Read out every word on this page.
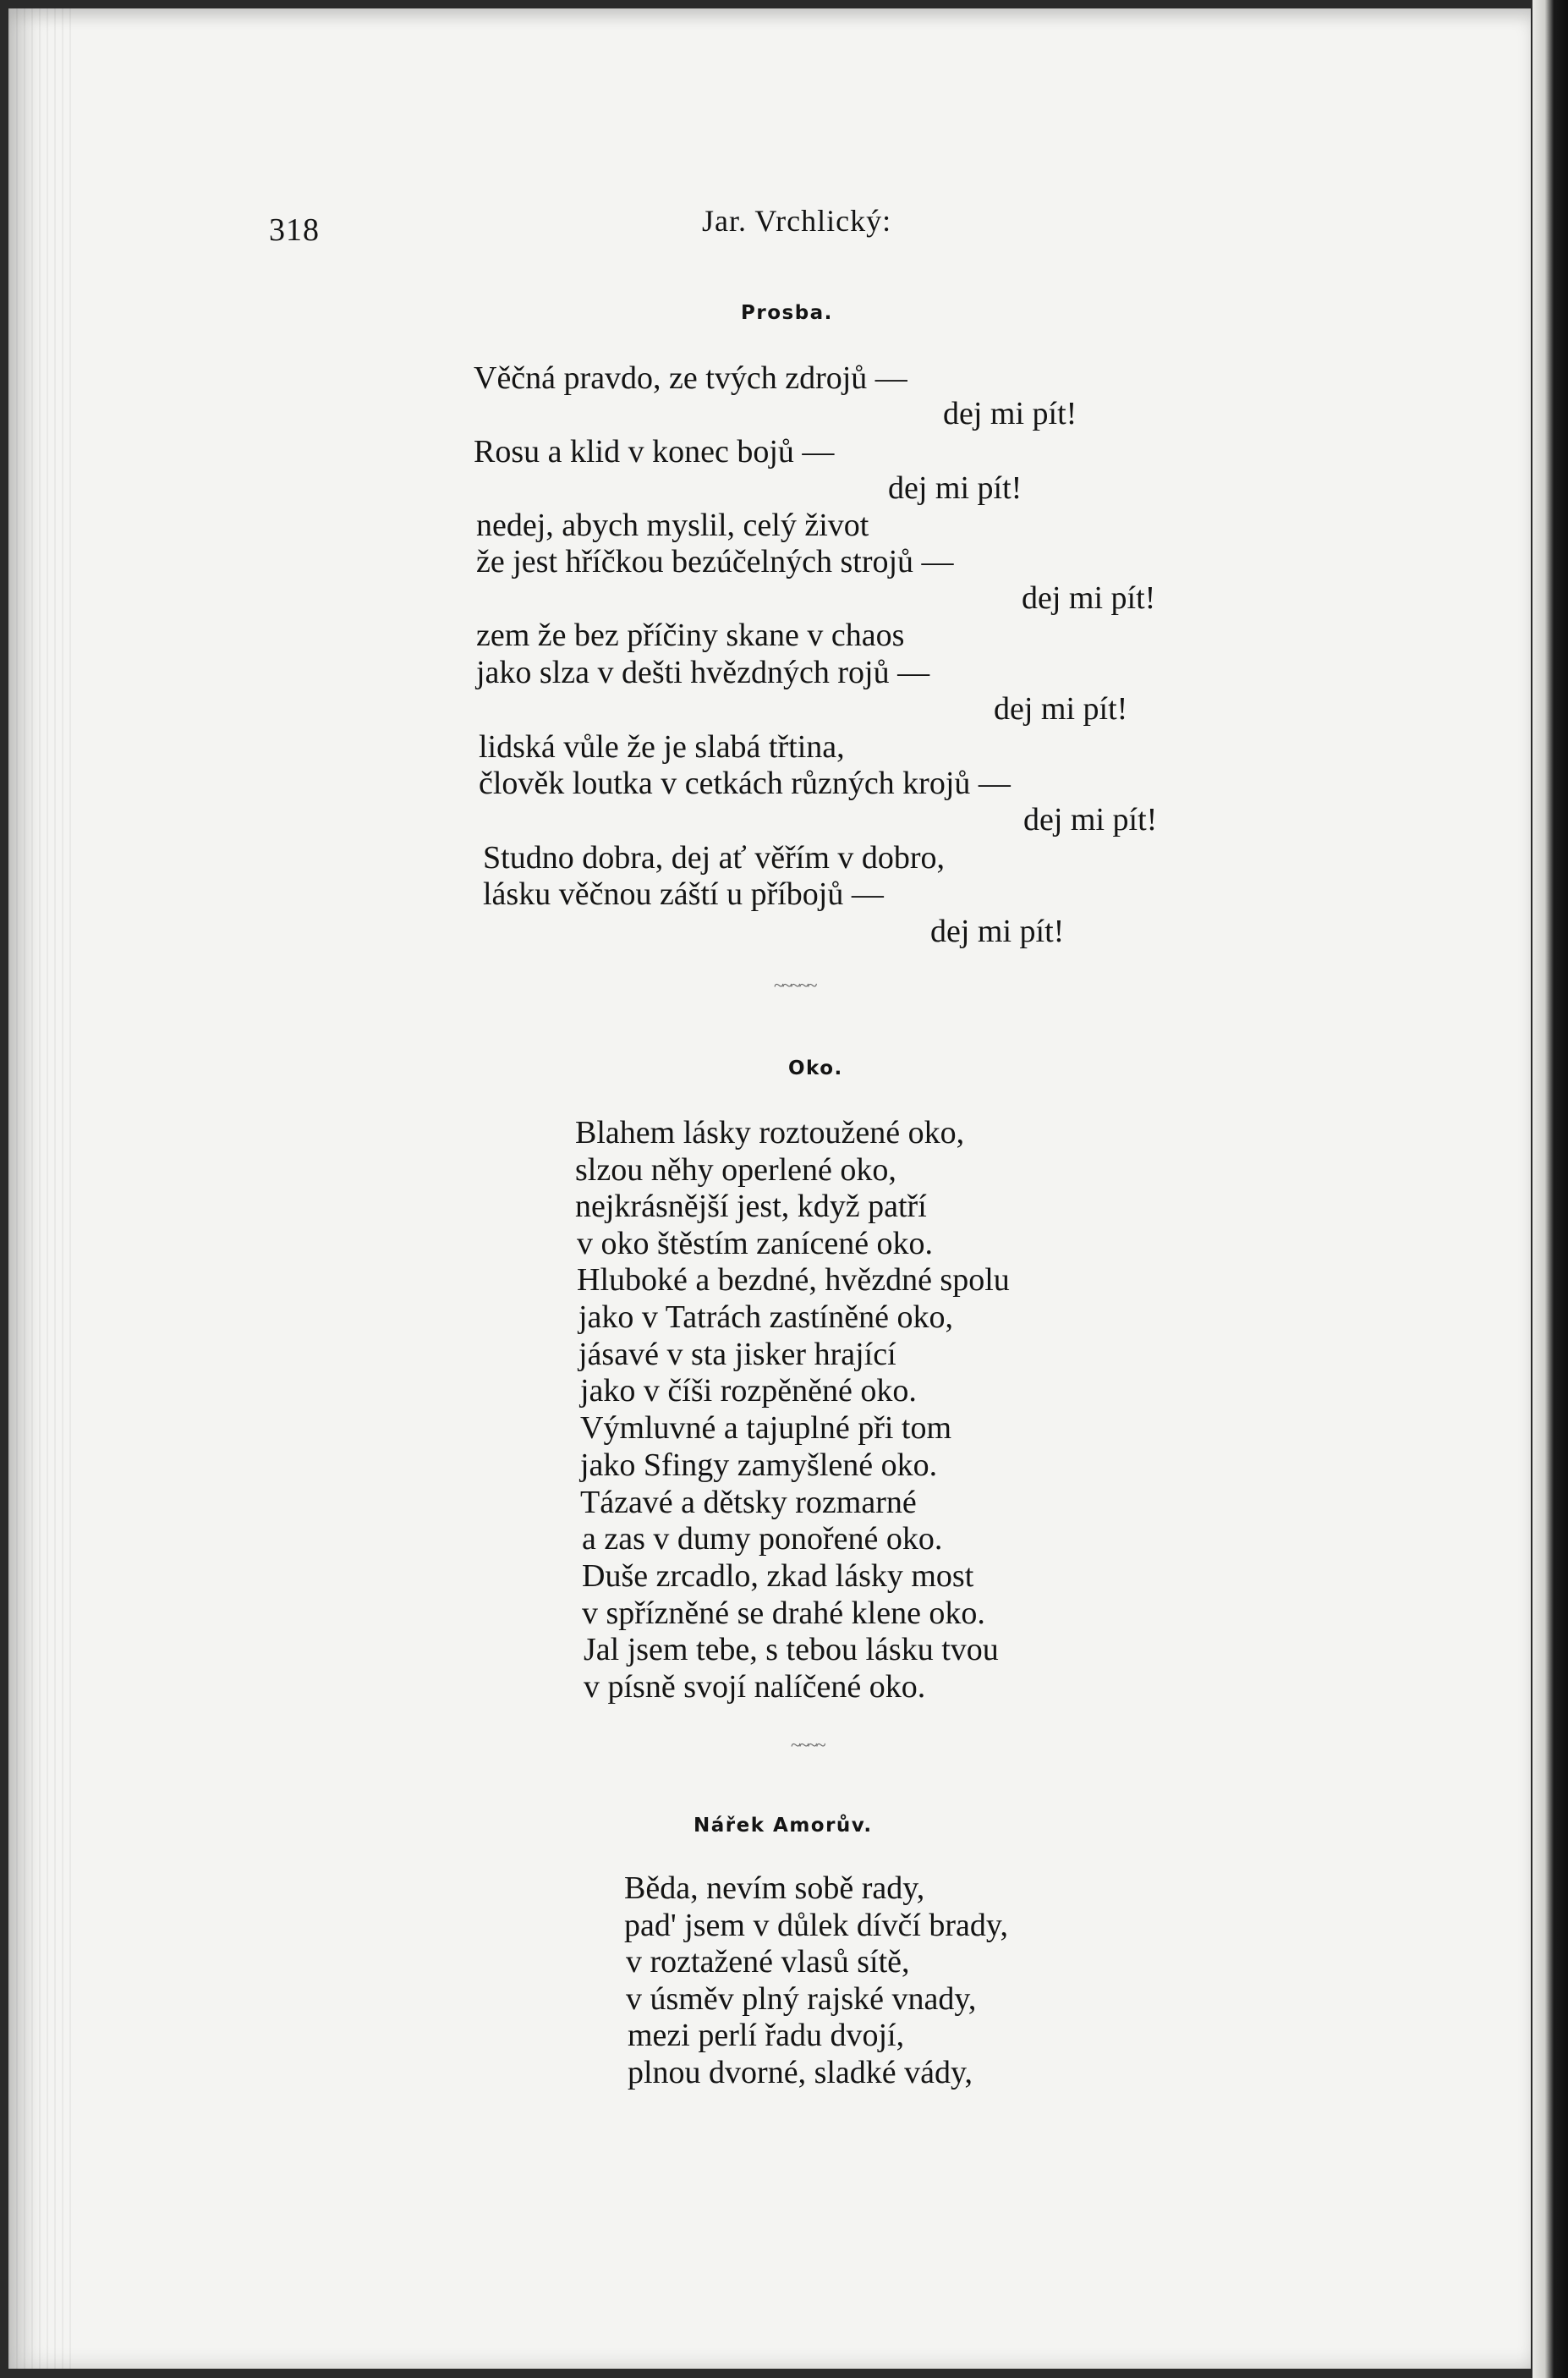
318	Jar. Vrchlický:
Prosba.
Věčná pravdo, ze tvých zdrojů —
dej mi pít!
Rosu a klid v konec bojů —
dej mi pít!
nedej, abych myslil, celý život
že jest hříčkou bezúčelných strojů —
dej mi pít!
zem že bez příčiny skane v chaos
jako slza v dešti hvězdných rojů —
dej mi pít!
lidská vůle že je slabá třtina,
člověk loutka v cetkách různých krojů —
dej mi pít!
Studno dobra, dej ať věřím v dobro,
lásku věčnou záští u příbojů —
dej mi pít!
~~~~~
Oko.
Blahem lásky roztoužené oko,
slzou něhy operlené oko,
nejkrásnější jest, když patří
v oko štěstím zanícené oko.
Hluboké a bezdné, hvězdné spolu
jako v Tatrách zastíněné oko,
jásavé v sta jisker hrající
jako v číši rozpěněné oko.
Výmluvné a tajuplné při tom
jako Sfingy zamyšlené oko.
Tázavé a dětsky rozmarné
a zas v dumy ponořené oko.
Duše zrcadlo, zkad lásky most
v spřízněné se drahé klene oko.
Jal jsem tebe, s tebou lásku tvou
v písně svojí nalíčené oko.
~~~~
Nářek Amorův.
Běda, nevím sobě rady,
pad' jsem v důlek dívčí brady,
v roztažené vlasů sítě,
v úsměv plný rajské vnady,
mezi perlí řadu dvojí,
plnou dvorné, sladké vády,
